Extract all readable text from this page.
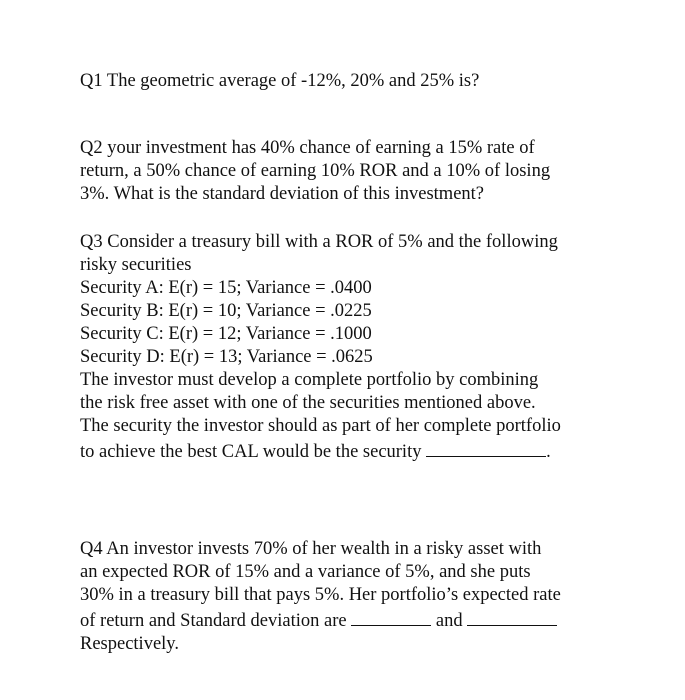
Q1 The geometric average of -12%, 20% and 25% is?
Q2 your investment has 40% chance of earning a 15% rate of
return, a 50% chance of earning 10% ROR and a 10% of losing
3%. What is the standard deviation of this investment?
Q3 Consider a treasury bill with a ROR of 5% and the following
risky securities
Security A: E(r) = 15; Variance = .0400
Security B: E(r) = 10; Variance = .0225
Security C: E(r) = 12; Variance = .1000
Security D: E(r) = 13; Variance = .0625
The investor must develop a complete portfolio by combining
the risk free asset with one of the securities mentioned above.
The security the investor should as part of her complete portfolio
to achieve the best CAL would be the security	.
Q4 An investor invests 70% of her wealth in a risky asset with
an expected ROR of 15% and a variance of 5%, and she puts
30% in a treasury bill that pays 5%. Her portfolio’s expected rate
of return and Standard deviation are	and
Respectively.
